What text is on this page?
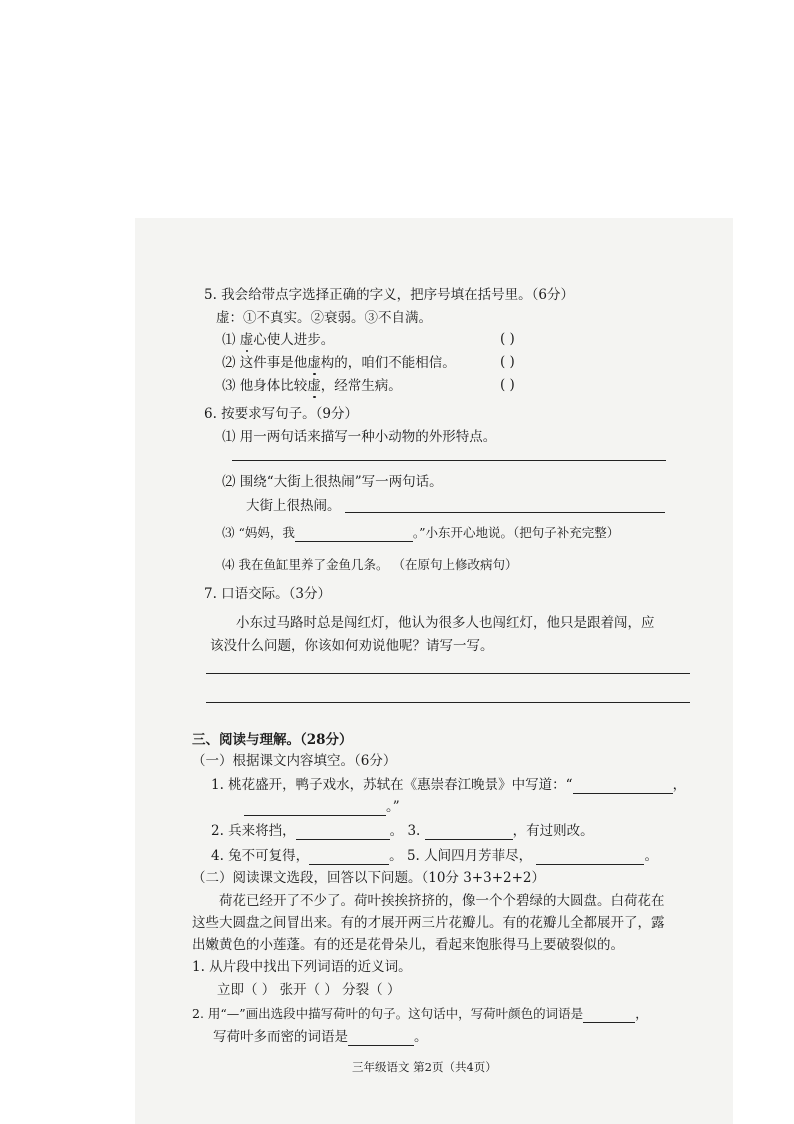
5. 我会给带点字选择正确的字义，把序号填在括号里。（6分）
虚：①不真实。②衰弱。③不自满。
⑴ 虚心使人进步。	( )
⑵ 这件事是他虚构的，咱们不能相信。	( )
⑶ 他身体比较虚，经常生病。	( )
6. 按要求写句子。（9分）
⑴ 用一两句话来描写一种小动物的外形特点。
⑵ 围绕“大街上很热闹”写一两句话。
大街上很热闹。
⑶ “妈妈，我	。”小东开心地说。（把句子补充完整）
⑷ 我在鱼缸里养了金鱼几条。 （在原句上修改病句）
7. 口语交际。（3分）
小东过马路时总是闯红灯，他认为很多人也闯红灯，他只是跟着闯，应
该没什么问题，你该如何劝说他呢？请写一写。
三、阅读与理解。（28分）
（一）根据课文内容填空。（6分）
1. 桃花盛开，鸭子戏水，苏轼在《惠崇春江晚景》中写道：“	，
。”
2. 兵来将挡，	。 3.	，有过则改。
4. 兔不可复得，	。 5. 人间四月芳菲尽，	。
（二）阅读课文选段，回答以下问题。（10分 3+3+2+2）
荷花已经开了不少了。荷叶挨挨挤挤的，像一个个碧绿的大圆盘。白荷花在
这些大圆盘之间冒出来。有的才展开两三片花瓣儿。有的花瓣儿全都展开了，露
出嫩黄色的小莲蓬。有的还是花骨朵儿，看起来饱胀得马上要破裂似的。
1. 从片段中找出下列词语的近义词。
立即（ ） 张开（ ） 分裂（ ）
2. 用“—”画出选段中描写荷叶的句子。这句话中，写荷叶颜色的词语是	，
写荷叶多而密的词语是	。
三年级语文 第2页（共4页）
